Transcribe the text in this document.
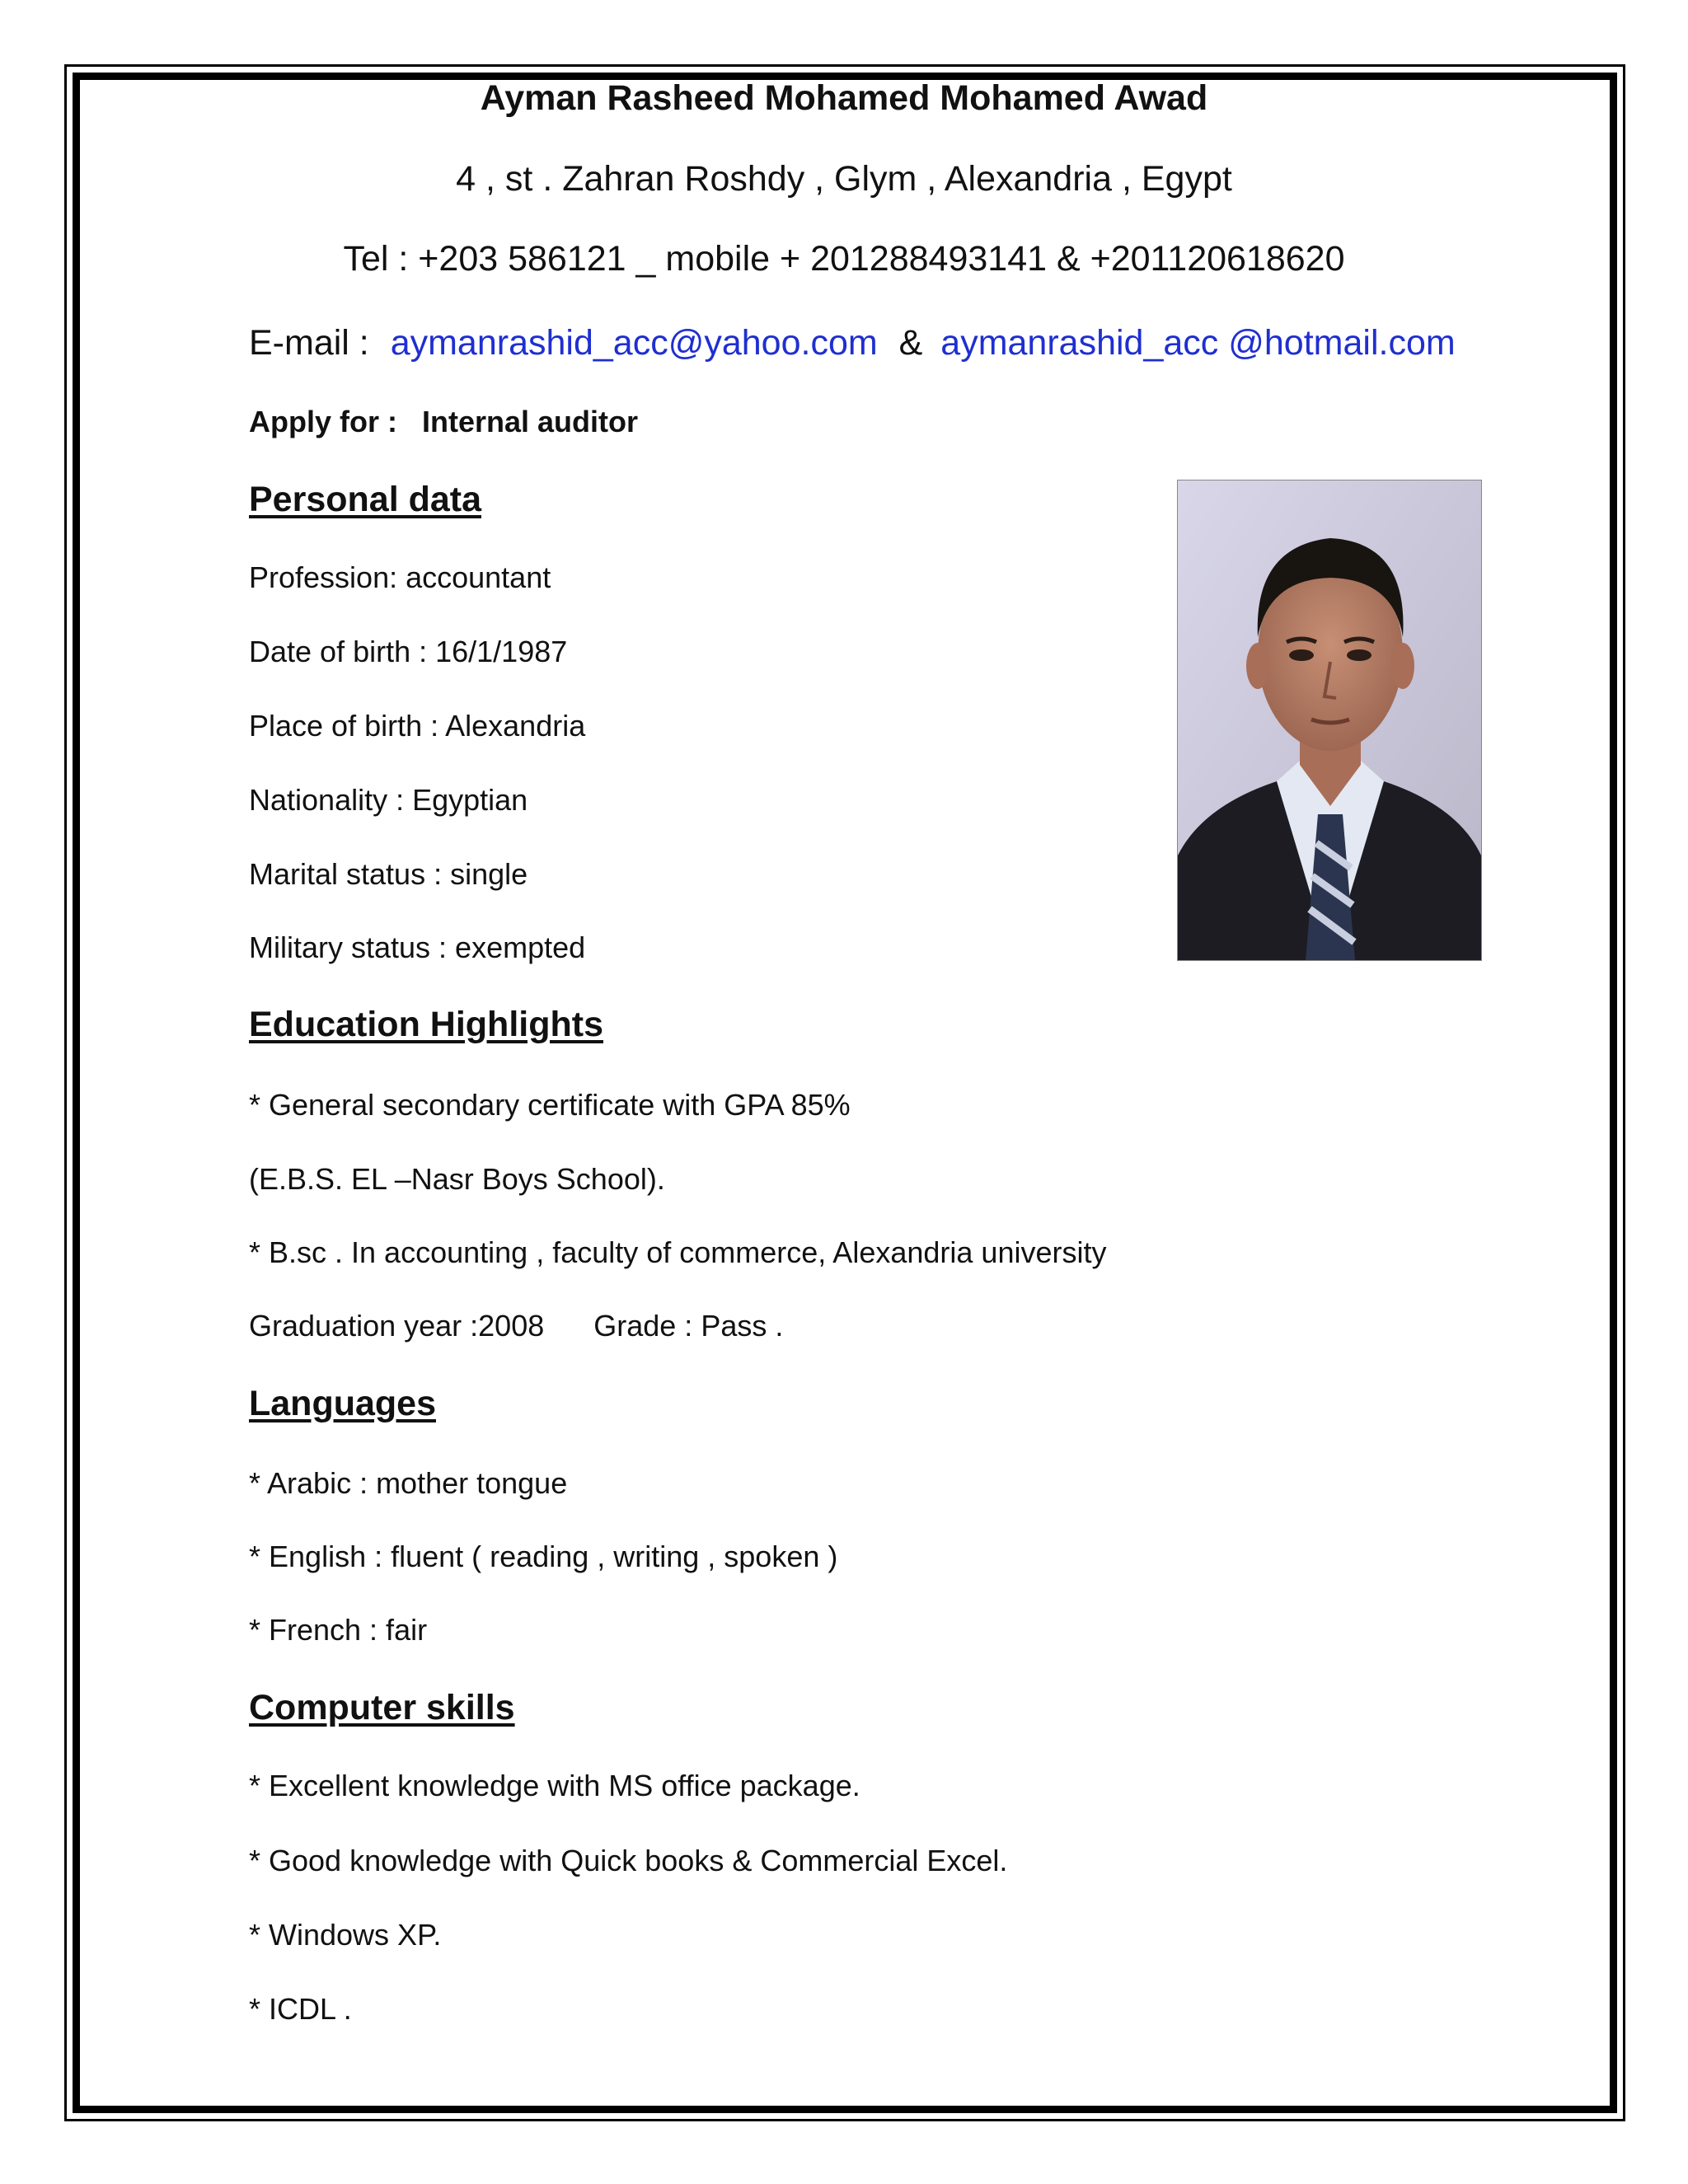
Ayman Rasheed Mohamed Mohamed Awad
4 , st . Zahran Roshdy , Glym , Alexandria , Egypt
Tel : +203 586121 _ mobile + 201288493141 & +201120618620
E-mail : aymanrashid_acc@yahoo.com & aymanrashid_acc @hotmail.com
Apply for : Internal auditor
Personal data
Profession: accountant
Date of birth : 16/1/1987
Place of birth : Alexandria
Nationality : Egyptian
Marital status : single
Military status : exempted
Education Highlights
* General secondary certificate with GPA 85%
(E.B.S. EL –Nasr Boys School).
* B.sc . In accounting , faculty of commerce, Alexandria university
Graduation year :2008      Grade : Pass .
Languages
* Arabic : mother tongue
* English : fluent ( reading , writing , spoken )
* French : fair
Computer skills
* Excellent knowledge with MS office package.
* Good knowledge with Quick books & Commercial Excel.
* Windows XP.
* ICDL .
